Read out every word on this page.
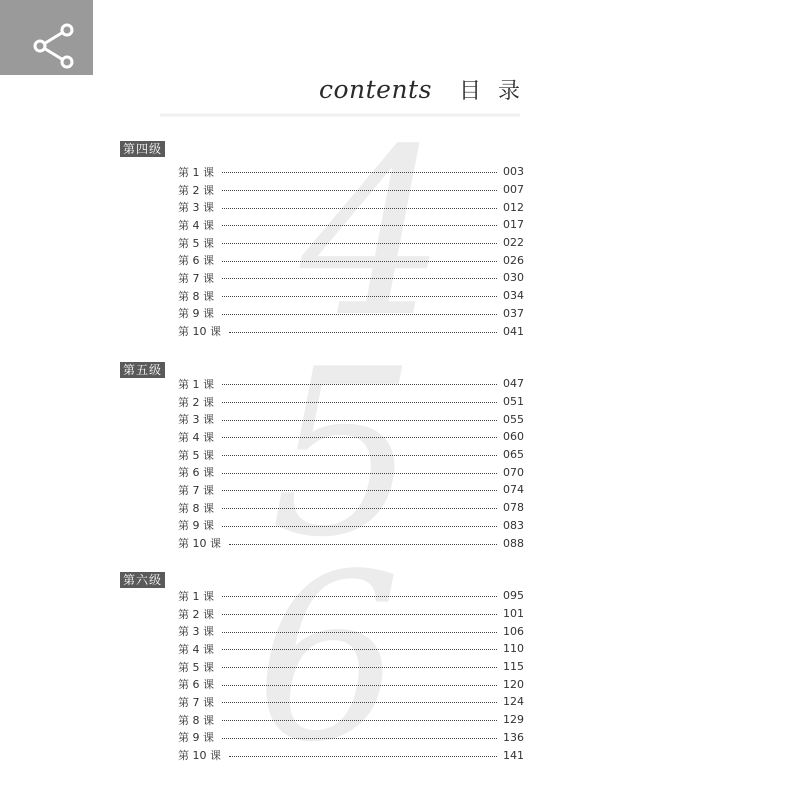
contents 目 录
4
5
6
第四级
第 1 课	003
第 2 课	007
第 3 课	012
第 4 课	017
第 5 课	022
第 6 课	026
第 7 课	030
第 8 课	034
第 9 课	037
第 10 课	041
第五级
第 1 课	047
第 2 课	051
第 3 课	055
第 4 课	060
第 5 课	065
第 6 课	070
第 7 课	074
第 8 课	078
第 9 课	083
第 10 课	088
第六级
第 1 课	095
第 2 课	101
第 3 课	106
第 4 课	110
第 5 课	115
第 6 课	120
第 7 课	124
第 8 课	129
第 9 课	136
第 10 课	141
